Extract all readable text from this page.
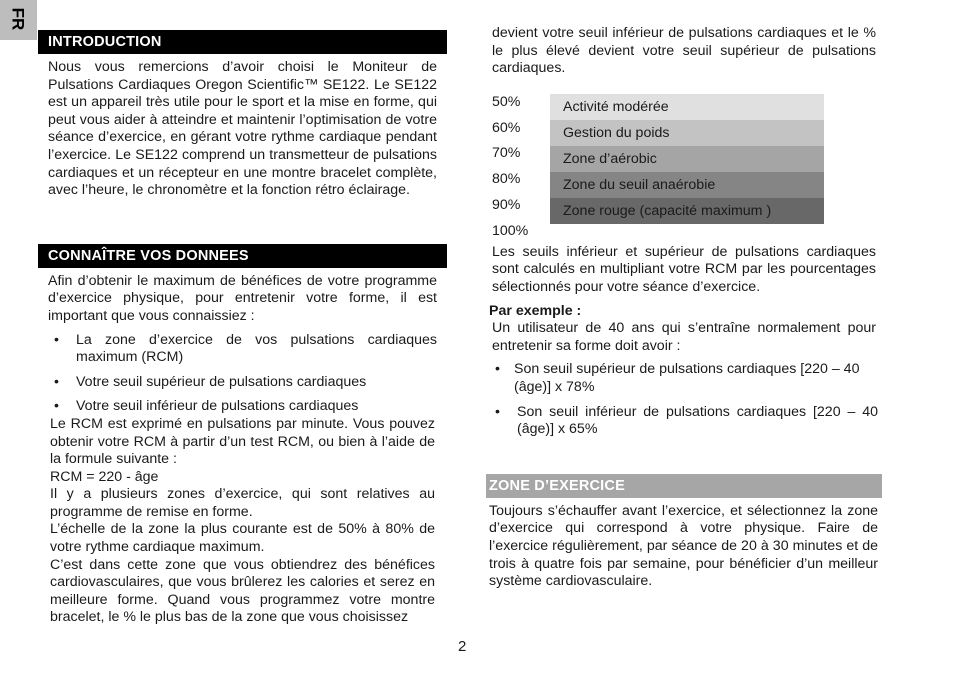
FR
INTRODUCTION

Nous vous remercions d’avoir choisi le Moniteur de Pulsations Cardiaques Oregon Scientific™ SE122. Le SE122 est un appareil très utile pour le sport et la mise en forme, qui peut vous aider à atteindre et maintenir l’optimisation de votre séance d’exercice, en gérant votre rythme cardiaque pendant l’exercice. Le SE122 comprend un transmetteur de pulsations cardiaques et un récepteur en une montre bracelet complète, avec l’heure, le chronomètre et la fonction rétro éclairage.

CONNAÎTRE VOS DONNEES

Afin d’obtenir le maximum de bénéfices de votre programme d’exercice physique, pour entretenir votre forme, il est important que vous connaissiez :

• La zone d’exercice de vos pulsations cardiaques maximum (RCM)
• Votre seuil supérieur de pulsations cardiaques
• Votre seuil inférieur de pulsations cardiaques

Le RCM est exprimé en pulsations par minute. Vous pouvez obtenir votre RCM à partir d’un test RCM, ou bien à l’aide de la formule suivante :

RCM = 220 - âge

Il y a plusieurs zones d’exercice, qui sont relatives au programme de remise en forme.

L’échelle de la zone la plus courante est de 50% à 80% de votre rythme cardiaque maximum.

C’est dans cette zone que vous obtiendrez des bénéfices cardiovasculaires, que vous brûlerez les calories et serez en meilleure forme. Quand vous programmez votre montre bracelet, le % le plus bas de la zone que vous choisissez

devient votre seuil inférieur de pulsations cardiaques et le % le plus élevé devient votre seuil supérieur de pulsations cardiaques.

50%
60%
70%
80%
90%
100%
Activité modérée
Gestion du poids
Zone d’aérobic
Zone du seuil anaérobie
Zone rouge (capacité maximum )

Les seuils inférieur et supérieur de pulsations cardiaques sont calculés en multipliant votre RCM par les pourcentages sélectionnés pour votre séance d’exercice.

Par exemple :

Un utilisateur de 40 ans qui s’entraîne normalement pour entretenir sa forme doit avoir :

• Son seuil supérieur de pulsations cardiaques [220 – 40 (âge)] x 78%
• Son seuil inférieur de pulsations cardiaques [220 – 40 (âge)] x 65%
ZONE D’EXERCICE

Toujours s’échauffer avant l’exercice, et sélectionnez la zone d’exercice qui correspond à votre physique. Faire de l’exercice régulièrement, par séance de 20 à 30 minutes et de trois à quatre fois par semaine, pour bénéficier d’un meilleur système cardiovasculaire.

2
